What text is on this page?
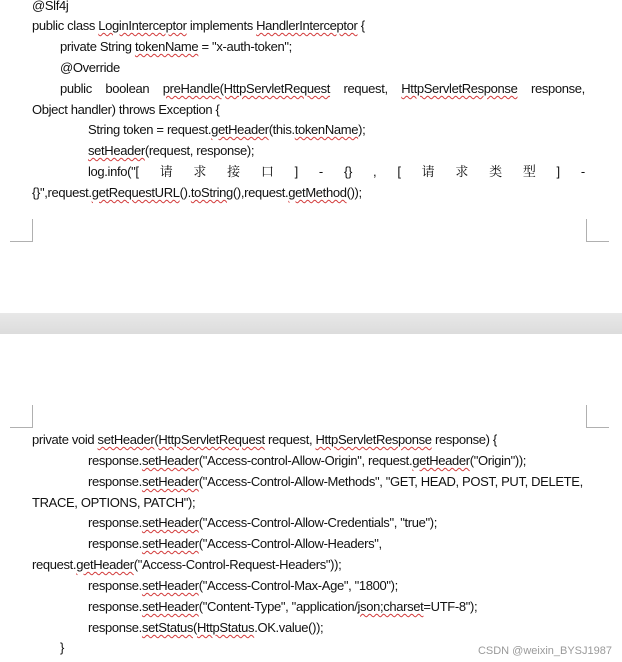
@Slf4j
public class LoginInterceptor implements HandlerInterceptor {
private String tokenName = "x-auth-token";
@Override
public boolean preHandle(HttpServletRequest request, HttpServletResponse response,
Object handler) throws Exception {
String token = request.getHeader(this.tokenName);
setHeader(request, response);
log.info("[ 请 求 接 口 ] - {} , [ 请 求 类 型 ] -
{}",request.getRequestURL().toString(),request.getMethod());
private void setHeader(HttpServletRequest request, HttpServletResponse response) {
response.setHeader("Access-control-Allow-Origin", request.getHeader("Origin"));
response.setHeader("Access-Control-Allow-Methods", "GET, HEAD, POST, PUT, DELETE,
TRACE, OPTIONS, PATCH");
response.setHeader("Access-Control-Allow-Credentials", "true");
response.setHeader("Access-Control-Allow-Headers",
request.getHeader("Access-Control-Request-Headers"));
response.setHeader("Access-Control-Max-Age", "1800");
response.setHeader("Content-Type", "application/json;charset=UTF-8");
response.setStatus(HttpStatus.OK.value());
}	CSDN @weixin_BYSJ1987
